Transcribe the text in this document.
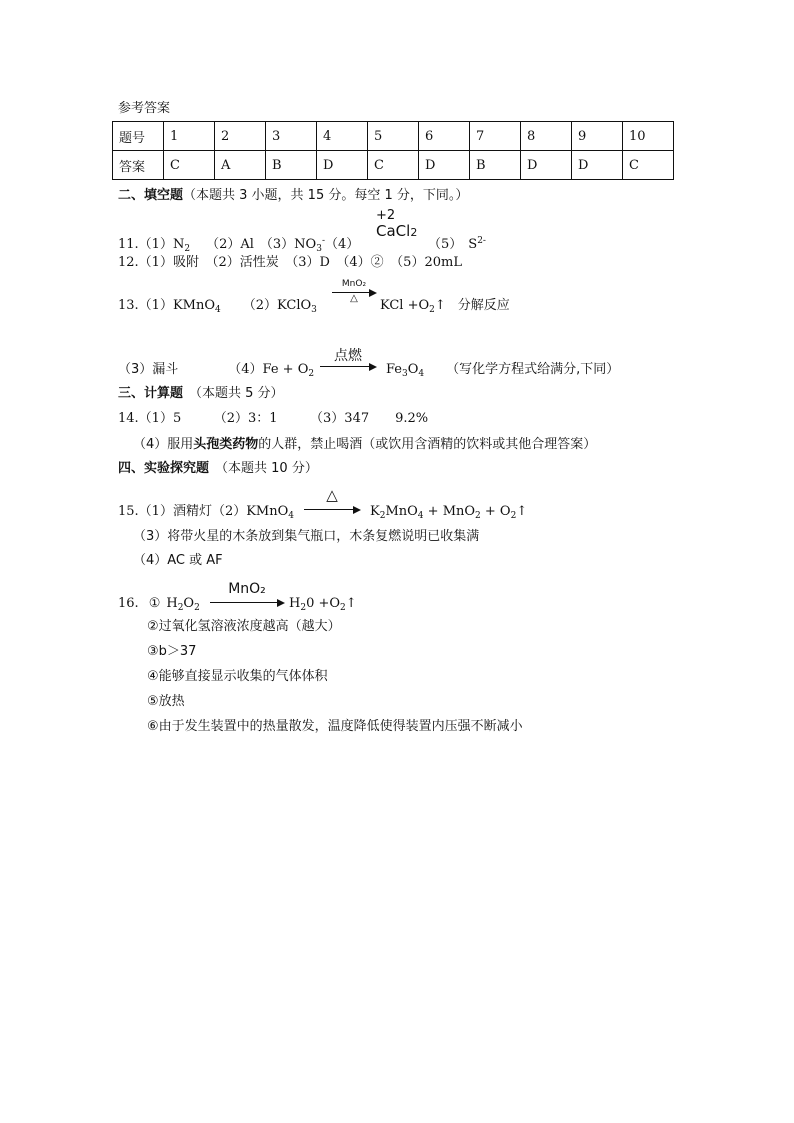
参考答案
题号	1	2	3	4	5	6	7	8	9	10
答案	C	A	B	D	C	D	B	D	D	C
二、填空题（本题共 3 小题，共 15 分。每空 1 分，下同。）
$11.(1)N_2$ （2）Al $(3)NO_3^-(4)$
+2
CaCl2
（5） $S^{2-}$
12.（1）吸附　（2）活性炭　（3）D　（4）②　（5）20mL
13.（1）KMnO$_4$ （2）KClO$_3$
MnO₂
△	KCl $+O_2↑$ 分解反应
（3）漏斗	$(4)Fe + O_2$
点燃
$Fe_3O_4$ （写化学方程式给满分,下同）
三、计算题 （本题共 5 分）
14.（1）5　　　（2）3：1　　　（3）347　　9.2%
（4）服用头孢类药物的人群，禁止喝酒（或饮用含酒精的饮料或其他合理答案）
四、实验探究题 （本题共 10 分）
15.（1）酒精灯（2）KMnO$_4$
△
$K_2MnO_4 + MnO_2$ + $O_2↑$
（3）将带火星的木条放到集气瓶口，木条复燃说明已收集满
（4）AC 或 AF
16. ① $H_2O_2$
MnO₂
$H_20$ $+O_2↑$
②过氧化氢溶液浓度越高（越大）
③b＞37
④能够直接显示收集的气体体积
⑤放热
⑥由于发生装置中的热量散发，温度降低使得装置内压强不断减小
